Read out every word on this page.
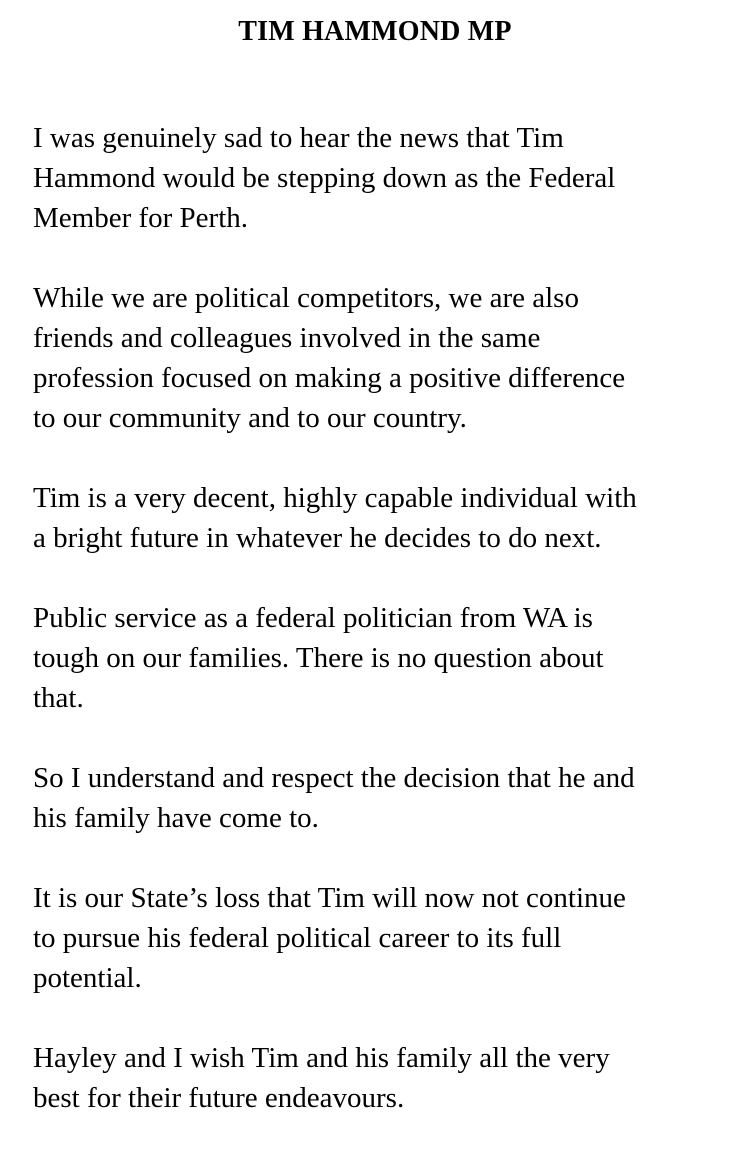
TIM HAMMOND MP

I was genuinely sad to hear the news that Tim
Hammond would be stepping down as the Federal
Member for Perth.

While we are political competitors, we are also
friends and colleagues involved in the same
profession focused on making a positive difference
to our community and to our country.

Tim is a very decent, highly capable individual with
a bright future in whatever he decides to do next.

Public service as a federal politician from WA is
tough on our families. There is no question about
that.

So I understand and respect the decision that he and
his family have come to.

It is our State’s loss that Tim will now not continue
to pursue his federal political career to its full
potential.

Hayley and I wish Tim and his family all the very
best for their future endeavours.
